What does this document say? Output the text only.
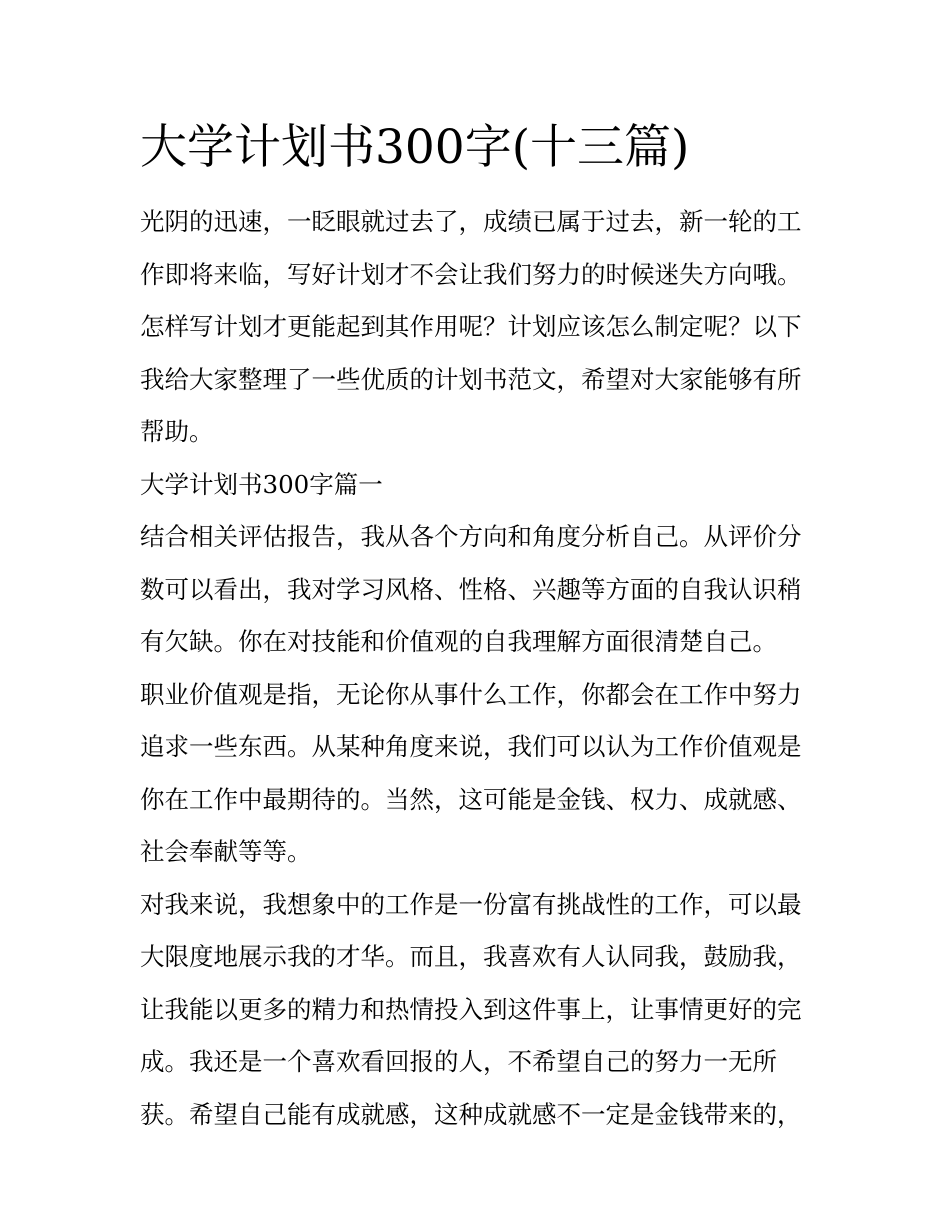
大学计划书300字(十三篇)

光阴的迅速，一眨眼就过去了，成绩已属于过去，新一轮的工
作即将来临，写好计划才不会让我们努力的时候迷失方向哦。
怎样写计划才更能起到其作用呢？计划应该怎么制定呢？以下
我给大家整理了一些优质的计划书范文，希望对大家能够有所
帮助。

大学计划书300字篇一

结合相关评估报告，我从各个方向和角度分析自己。从评价分
数可以看出，我对学习风格、性格、兴趣等方面的自我认识稍
有欠缺。你在对技能和价值观的自我理解方面很清楚自己。

职业价值观是指，无论你从事什么工作，你都会在工作中努力
追求一些东西。从某种角度来说，我们可以认为工作价值观是
你在工作中最期待的。当然，这可能是金钱、权力、成就感、
社会奉献等等。

对我来说，我想象中的工作是一份富有挑战性的工作，可以最
大限度地展示我的才华。而且，我喜欢有人认同我，鼓励我，
让我能以更多的精力和热情投入到这件事上，让事情更好的完
成。我还是一个喜欢看回报的人，不希望自己的努力一无所
获。希望自己能有成就感，这种成就感不一定是金钱带来的，
